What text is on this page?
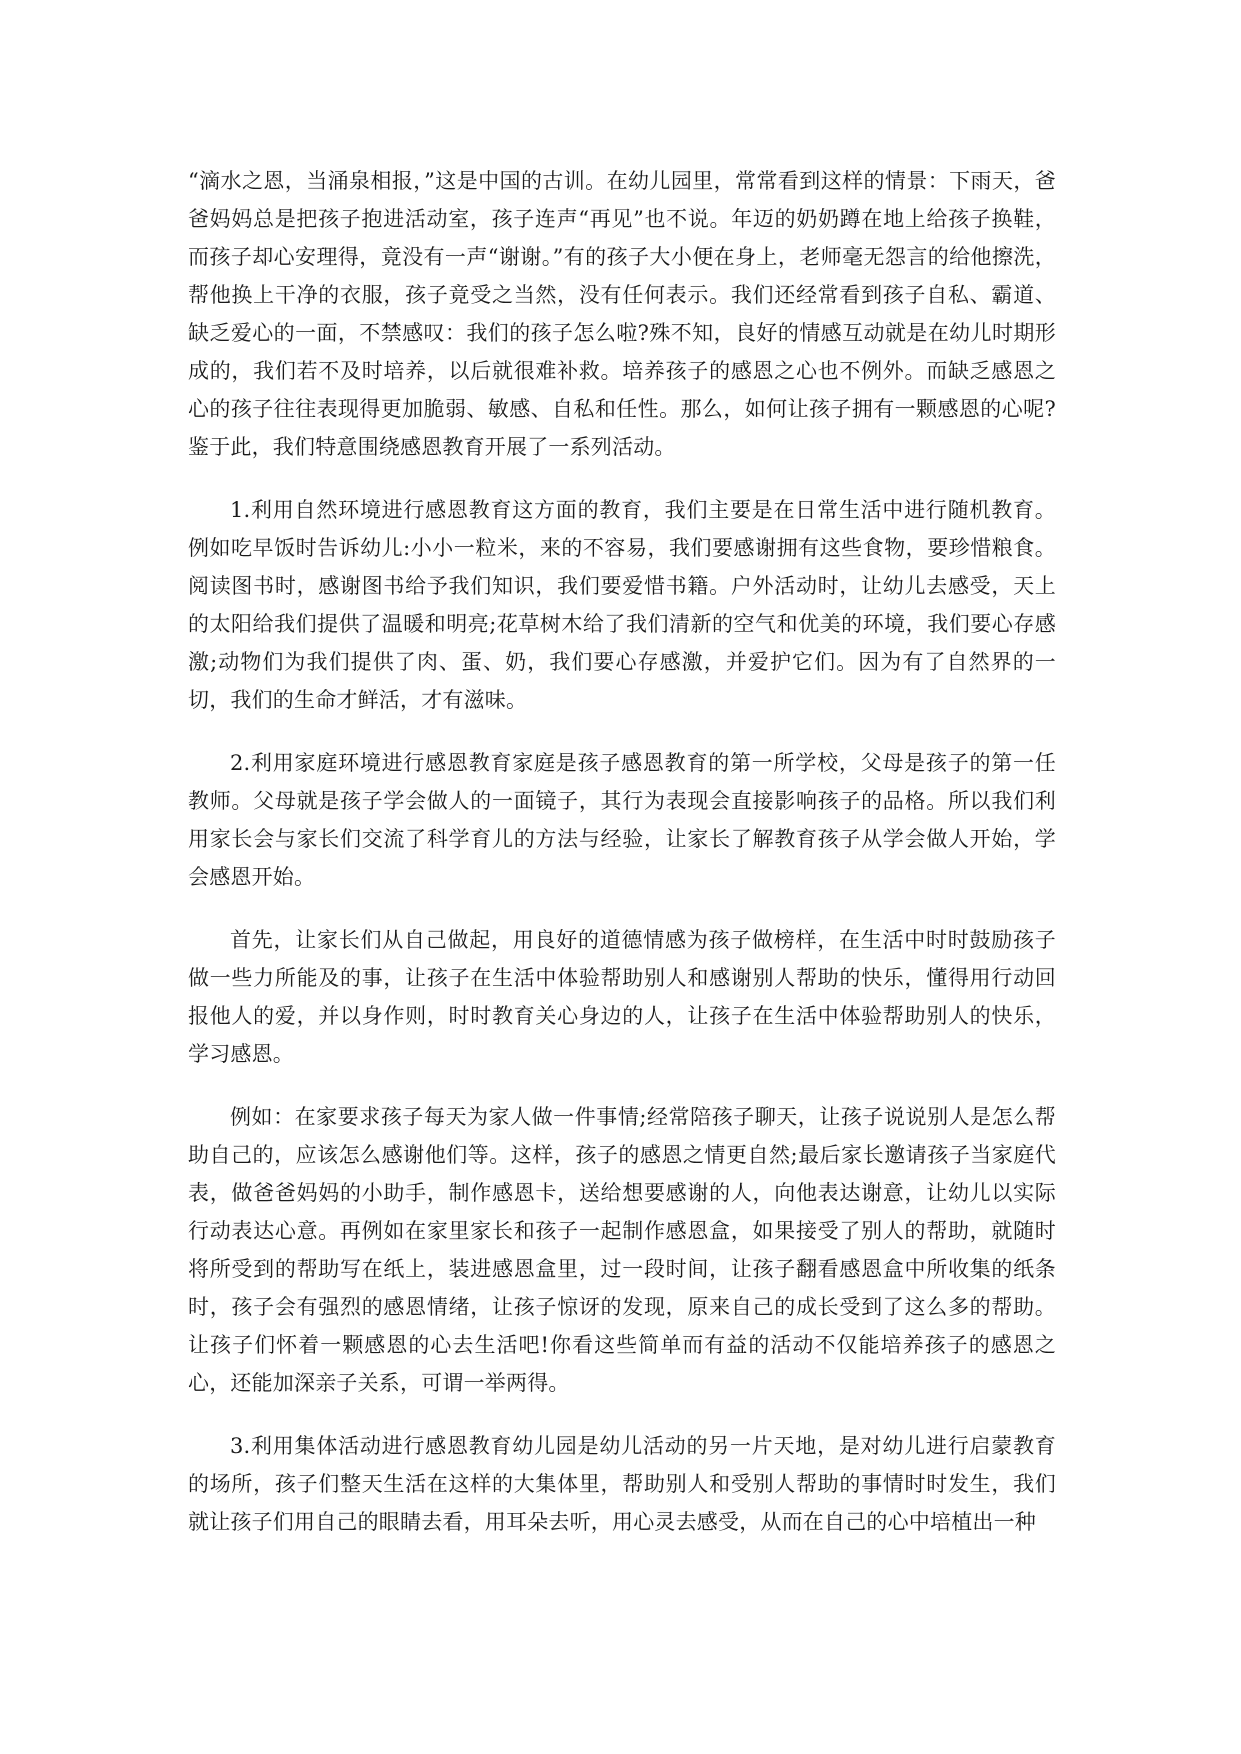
“滴水之恩，当涌泉相报，”这是中国的古训。在幼儿园里，常常看到这样的情景：下雨天，爸爸妈妈总是把孩子抱进活动室，孩子连声“再见”也不说。年迈的奶奶蹲在地上给孩子换鞋，而孩子却心安理得，竟没有一声“谢谢。”有的孩子大小便在身上，老师毫无怨言的给他擦洗，帮他换上干净的衣服，孩子竟受之当然，没有任何表示。我们还经常看到孩子自私、霸道、缺乏爱心的一面，不禁感叹：我们的孩子怎么啦?殊不知，良好的情感互动就是在幼儿时期形成的，我们若不及时培养，以后就很难补救。培养孩子的感恩之心也不例外。而缺乏感恩之心的孩子往往表现得更加脆弱、敏感、自私和任性。那么，如何让孩子拥有一颗感恩的心呢?鉴于此，我们特意围绕感恩教育开展了一系列活动。

1.利用自然环境进行感恩教育这方面的教育，我们主要是在日常生活中进行随机教育。例如吃早饭时告诉幼儿:小小一粒米，来的不容易，我们要感谢拥有这些食物，要珍惜粮食。阅读图书时，感谢图书给予我们知识，我们要爱惜书籍。户外活动时，让幼儿去感受，天上的太阳给我们提供了温暖和明亮;花草树木给了我们清新的空气和优美的环境，我们要心存感激;动物们为我们提供了肉、蛋、奶，我们要心存感激，并爱护它们。因为有了自然界的一切，我们的生命才鲜活，才有滋味。

2.利用家庭环境进行感恩教育家庭是孩子感恩教育的第一所学校，父母是孩子的第一任教师。父母就是孩子学会做人的一面镜子，其行为表现会直接影响孩子的品格。所以我们利用家长会与家长们交流了科学育儿的方法与经验，让家长了解教育孩子从学会做人开始，学会感恩开始。

首先，让家长们从自己做起，用良好的道德情感为孩子做榜样，在生活中时时鼓励孩子做一些力所能及的事，让孩子在生活中体验帮助别人和感谢别人帮助的快乐，懂得用行动回报他人的爱，并以身作则，时时教育关心身边的人，让孩子在生活中体验帮助别人的快乐，学习感恩。

例如：在家要求孩子每天为家人做一件事情;经常陪孩子聊天，让孩子说说别人是怎么帮助自己的，应该怎么感谢他们等。这样，孩子的感恩之情更自然;最后家长邀请孩子当家庭代表，做爸爸妈妈的小助手，制作感恩卡，送给想要感谢的人，向他表达谢意，让幼儿以实际行动表达心意。再例如在家里家长和孩子一起制作感恩盒，如果接受了别人的帮助，就随时将所受到的帮助写在纸上，装进感恩盒里，过一段时间，让孩子翻看感恩盒中所收集的纸条时，孩子会有强烈的感恩情绪，让孩子惊讶的发现，原来自己的成长受到了这么多的帮助。让孩子们怀着一颗感恩的心去生活吧!你看这些简单而有益的活动不仅能培养孩子的感恩之心，还能加深亲子关系，可谓一举两得。

3.利用集体活动进行感恩教育幼儿园是幼儿活动的另一片天地，是对幼儿进行启蒙教育的场所，孩子们整天生活在这样的大集体里，帮助别人和受别人帮助的事情时时发生，我们就让孩子们用自己的眼睛去看，用耳朵去听，用心灵去感受，从而在自己的心中培植出一种
